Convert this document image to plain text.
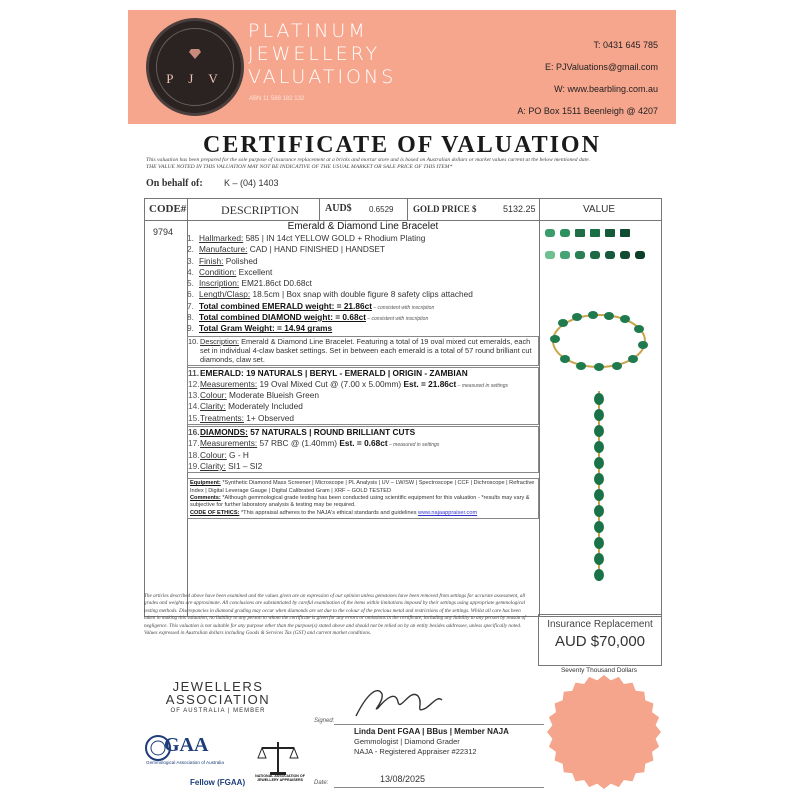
P J V
PLATINUM
JEWELLERY
VALUATIONS
ABN 11 588 182 132
T: 0431 645 785
E: PJValuations@gmail.com
W: www.bearbling.com.au
A: PO Box 1511 Beenleigh @ 4207
CERTIFICATE OF VALUATION
This valuation has been prepared for the sole purpose of insurance replacement at a bricks and mortar store and is based on Australian dollars or market values current at the below mentioned date.
THE VALUE NOTED IN THIS VALUATION MAY NOT BE INDICATIVE OF THE USUAL MARKET OR SALE PRICE OF THIS ITEM*
On behalf of: K – (04) 1403
CODE#	DESCRIPTION	AUD$ 0.6529 GOLD PRICE $	5132.25	VALUE
9794	Emerald & Diamond Line Bracelet
1. Hallmarked: 585 | IN 14ct YELLOW GOLD + Rhodium Plating
2. Manufacture: CAD | HAND FINISHED | HANDSET
3. Finish: Polished
4. Condition: Excellent
5. Inscription: EM21.86ct D0.68ct
6. Length/Clasp: 18.5cm | Box snap with double figure 8 safety clips attached
7. Total combined EMERALD weight: = 21.86ct – consistent with inscription
8. Total combined DIAMOND weight: = 0.68ct – consistent with inscription
9. Total Gram Weight: = 14.94 grams
10. Description: Emerald & Diamond Line Bracelet. Featuring a total of 19 oval mixed cut emeralds, each set in individual 4-claw basket settings. Set in between each emerald is a total of 57 round brilliant cut diamonds, claw set.
11.EMERALD: 19 NATURALS | BERYL - EMERALD | ORIGIN - ZAMBIAN
12.Measurements: 19 Oval Mixed Cut @ (7.00 x 5.00mm) Est. = 21.86ct – measured in settings
13.Colour: Moderate Blueish Green
14.Clarity: Moderately Included
15.Treatments: 1+ Observed
16.DIAMONDS: 57 NATURALS | ROUND BRILLIANT CUTS
17.Measurements: 57 RBC @ (1.40mm) Est. = 0.68ct – measured in settings
18.Colour: G - H
19.Clarity: SI1 – SI2
Equipment: *Synthetic Diamond Mass Screener | Microscope | PL Analysis | UV – LW/SW | Spectroscope | CCF | Dichroscope | Refractive Index | Digital Leverage Gauge | Digital Calibrated Gram | XRF – GOLD TESTED
Comments: *Although gemmological grade testing has been conducted using scientific equipment for this valuation - *results may vary & subjective for further laboratory analysis & testing may be required.
CODE OF ETHICS: *This appraisal adheres to the NAJA's ethical standards and guidelines www.najaappraiser.com
The articles described above have been examined and the values given are an expression of our opinion unless gemstones have been removed from settings for accurate assessment, all grades and weights are approximate. All conclusions are substantiated by careful examination of the items within limitations imposed by their settings using appropriate gemmological testing methods. Discrepancies in diamond grading may occur when diamonds are set due to the colour of the precious metal and restrictions of the settings. Whilst all care has been taken in making this valuation, no liability to any person to whom the certificate is given for any errors or omissions in the certificate, including any liability to any person by reason of negligence. This valuation is not suitable for any purpose other than the purpose(s) stated above and should not be relied on by an entity besides addressee, unless specifically noted. Values expressed in Australian dollars including Goods & Services Tax (GST) and current market conditions.
Insurance Replacement
AUD $70,000
Seventy Thousand Dollars
JEWELLERS
ASSOCIATION
OF AUSTRALIA | MEMBER
GAA
Gemmological Association of Australia
Fellow (FGAA)
NATIONAL ASSOCIATION OF JEWELLERY APPRAISERS
Signed:
Linda Dent FGAA | BBus | Member NAJA
Gemmologist | Diamond Grader
NAJA - Registered Appraiser #22312
Date:	13/08/2025
